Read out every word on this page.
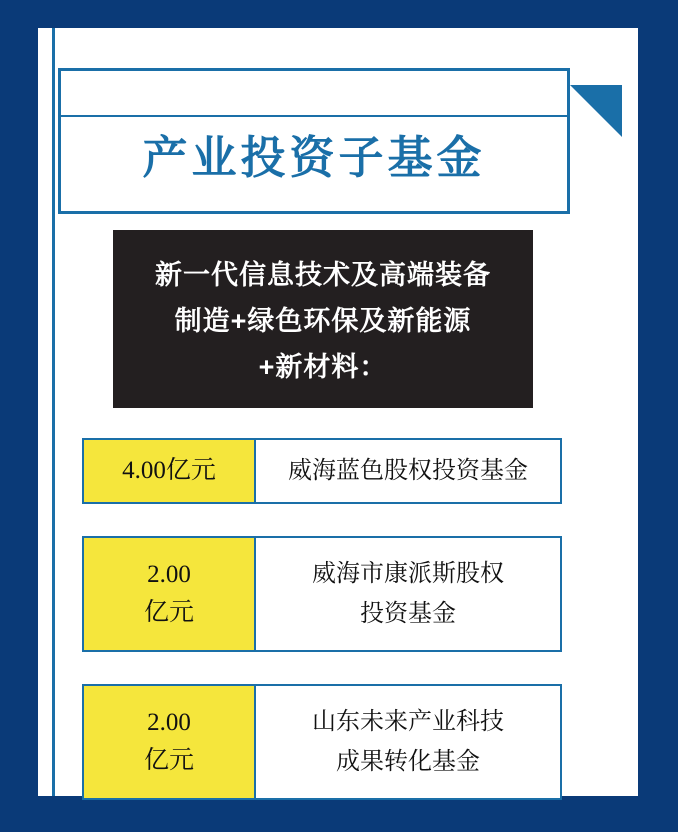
产业投资子基金
新一代信息技术及高端装备
制造+绿色环保及新能源
+新材料：
4.00亿元	威海蓝色股权投资基金
2.00
亿元
威海市康派斯股权
投资基金
2.00
亿元
山东未来产业科技
成果转化基金
